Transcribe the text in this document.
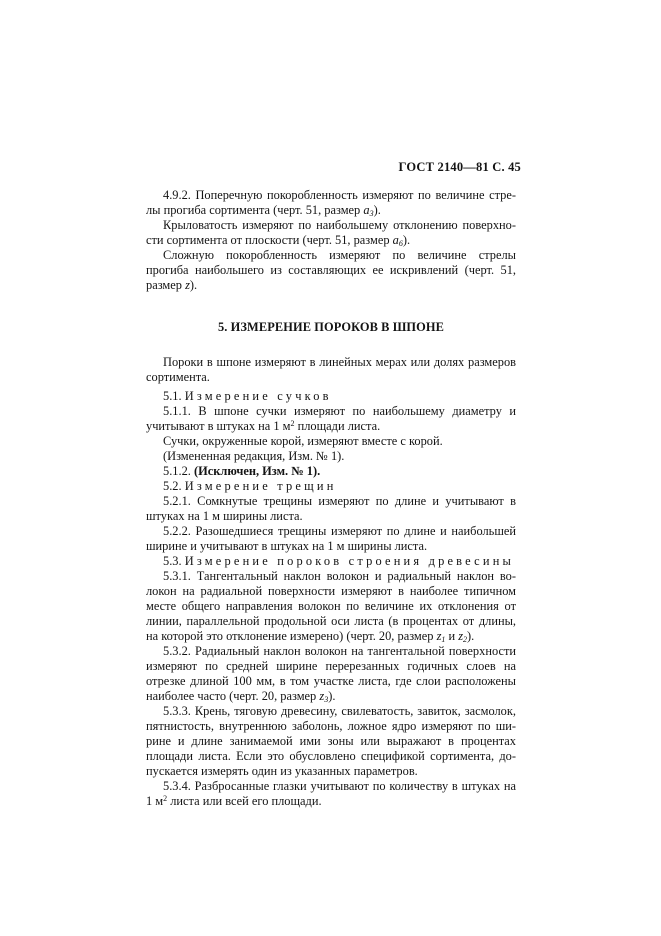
ГОСТ 2140—81 С. 45

4.9.2. Поперечную покоробленность измеряют по величине стре-лы прогиба сортимента (черт. 51, размер $a_3$).

Крыловатость измеряют по наибольшему отклонению поверхно-сти сортимента от плоскости (черт. 51, размер $a_6$).

Сложную покоробленность измеряют по величине стрелы прогиба наибольшего из составляющих ее искривлений (черт. 51, размер z).

5. ИЗМЕРЕНИЕ ПОРОКОВ В ШПОНЕ

Пороки в шпоне измеряют в линейных мерах или долях размеров сортимента.

5.1. Измерение сучков

5.1.1. В шпоне сучки измеряют по наибольшему диаметру и учитывают в штуках на 1 $м^2$ площади листа.

Сучки, окруженные корой, измеряют вместе с корой.

(Измененная редакция, Изм. № 1).

5.1.2. (Исключен, Изм. № 1).

5.2. Измерение трещин

5.2.1. Сомкнутые трещины измеряют по длине и учитывают в штуках на 1 м ширины листа.

5.2.2. Разошедшиеся трещины измеряют по длине и наибольшей ширине и учитывают в штуках на 1 м ширины листа.

5.3. Измерение пороков строения древесины

5.3.1. Тангентальный наклон волокон и радиальный наклон во-локон на радиальной поверхности измеряют в наиболее типичном месте общего направления волокон по величине их отклонения от линии, параллельной продольной оси листа (в процентах от длины, на которой это отклонение измерено) (черт. 20, размер $z_1$ и $z_2$).

5.3.2. Радиальный наклон волокон на тангентальной поверхности измеряют по средней ширине перерезанных годичных слоев на отрезке длиной 100 мм, в том участке листа, где слои расположены наиболее часто (черт. 20, размер $z_3$).

5.3.3. Крень, тяговую древесину, свилеватость, завиток, засмолок, пятнистость, внутреннюю заболонь, ложное ядро измеряют по ши-рине и длине занимаемой ими зоны или выражают в процентах площади листа. Если это обусловлено спецификой сортимента, до-пускается измерять один из указанных параметров.

5.3.4. Разбросанные глазки учитывают по количеству в штуках на 1 $м^2$ листа или всей его площади.
